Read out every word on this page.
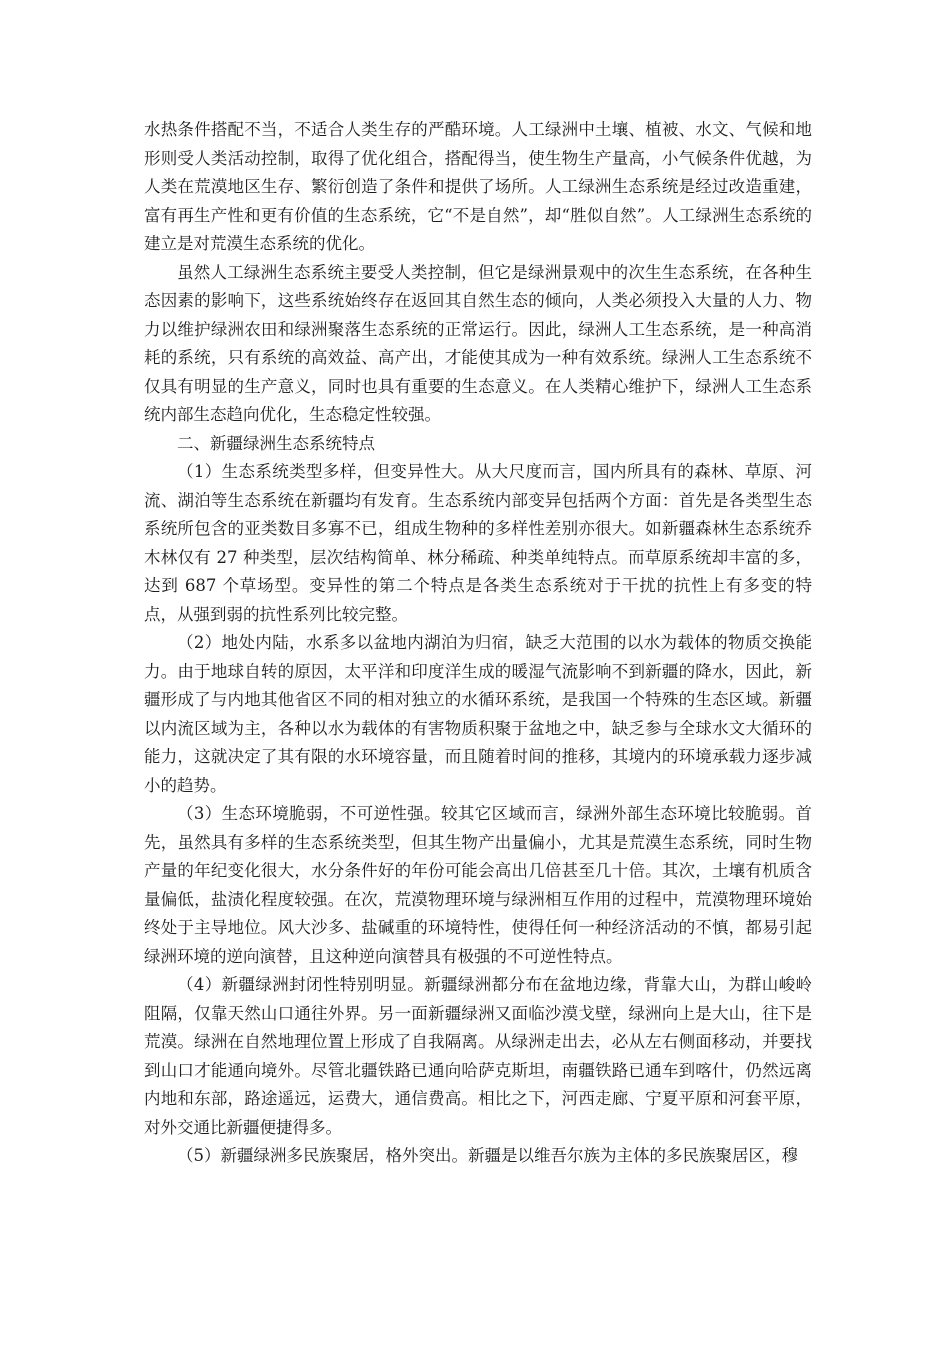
水热条件搭配不当，不适合人类生存的严酷环境。人工绿洲中土壤、植被、水文、气候和地形则受人类活动控制，取得了优化组合，搭配得当，使生物生产量高，小气候条件优越，为人类在荒漠地区生存、繁衍创造了条件和提供了场所。人工绿洲生态系统是经过改造重建，富有再生产性和更有价值的生态系统，它“不是自然”，却“胜似自然”。人工绿洲生态系统的建立是对荒漠生态系统的优化。

虽然人工绿洲生态系统主要受人类控制，但它是绿洲景观中的次生生态系统，在各种生态因素的影响下，这些系统始终存在返回其自然生态的倾向，人类必须投入大量的人力、物力以维护绿洲农田和绿洲聚落生态系统的正常运行。因此，绿洲人工生态系统，是一种高消耗的系统，只有系统的高效益、高产出，才能使其成为一种有效系统。绿洲人工生态系统不仅具有明显的生产意义，同时也具有重要的生态意义。在人类精心维护下，绿洲人工生态系统内部生态趋向优化，生态稳定性较强。

二、新疆绿洲生态系统特点

（1）生态系统类型多样，但变异性大。从大尺度而言，国内所具有的森林、草原、河流、湖泊等生态系统在新疆均有发育。生态系统内部变异包括两个方面：首先是各类型生态系统所包含的亚类数目多寡不已，组成生物种的多样性差别亦很大。如新疆森林生态系统乔木林仅有 27 种类型，层次结构简单、林分稀疏、种类单纯特点。而草原系统却丰富的多，达到 687 个草场型。变异性的第二个特点是各类生态系统对于干扰的抗性上有多变的特点，从强到弱的抗性系列比较完整。

（2）地处内陆，水系多以盆地内湖泊为归宿，缺乏大范围的以水为载体的物质交换能力。由于地球自转的原因，太平洋和印度洋生成的暖湿气流影响不到新疆的降水，因此，新疆形成了与内地其他省区不同的相对独立的水循环系统，是我国一个特殊的生态区域。新疆以内流区域为主，各种以水为载体的有害物质积聚于盆地之中，缺乏参与全球水文大循环的能力，这就决定了其有限的水环境容量，而且随着时间的推移，其境内的环境承载力逐步减小的趋势。

（3）生态环境脆弱，不可逆性强。较其它区域而言，绿洲外部生态环境比较脆弱。首先，虽然具有多样的生态系统类型，但其生物产出量偏小，尤其是荒漠生态系统，同时生物产量的年纪变化很大，水分条件好的年份可能会高出几倍甚至几十倍。其次，土壤有机质含量偏低，盐渍化程度较强。在次，荒漠物理环境与绿洲相互作用的过程中，荒漠物理环境始终处于主导地位。风大沙多、盐碱重的环境特性，使得任何一种经济活动的不慎，都易引起绿洲环境的逆向演替，且这种逆向演替具有极强的不可逆性特点。

（4）新疆绿洲封闭性特别明显。新疆绿洲都分布在盆地边缘，背靠大山，为群山峻岭阻隔，仅靠天然山口通往外界。另一面新疆绿洲又面临沙漠戈壁，绿洲向上是大山，往下是荒漠。绿洲在自然地理位置上形成了自我隔离。从绿洲走出去，必从左右侧面移动，并要找到山口才能通向境外。尽管北疆铁路已通向哈萨克斯坦，南疆铁路已通车到喀什，仍然远离内地和东部，路途遥远，运费大，通信费高。相比之下，河西走廊、宁夏平原和河套平原，对外交通比新疆便捷得多。

（5）新疆绿洲多民族聚居，格外突出。新疆是以维吾尔族为主体的多民族聚居区，穆
